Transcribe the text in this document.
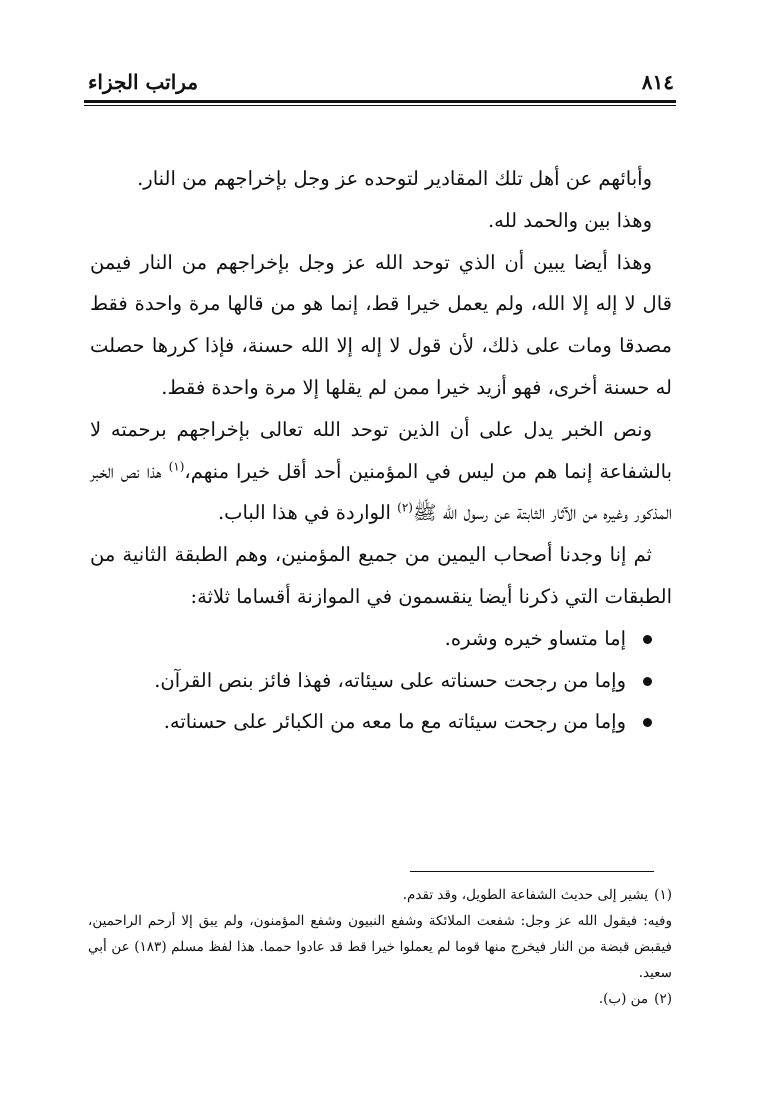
٨١٤
مراتب الجزاء

وأبائهم عن أهل تلك المقادير لتوحده عز وجل بإخراجهم من النار.

وهذا بين والحمد لله.

وهذا أيضا يبين أن الذي توحد الله عز وجل بإخراجهم من النار فيمن قال لا إله إلا الله، ولم يعمل خيرا قط، إنما هو من قالها مرة واحدة فقط مصدقا ومات على ذلك، لأن قول لا إله إلا الله حسنة، فإذا كررها حصلت له حسنة أخرى، فهو أزيد خيرا ممن لم يقلها إلا مرة واحدة فقط.

ونص الخبر يدل على أن الذين توحد الله تعالى بإخراجهم برحمته لا بالشفاعة إنما هم من ليس في المؤمنين أحد أقل خيرا منهم،$^{(١)}$ هذا نص الخبر المذكور وغيره من الآثار الثابتة عن رسول الله ﷺ$^{(٢)}$ الواردة في هذا الباب.

ثم إنا وجدنا أصحاب اليمين من جميع المؤمنين، وهم الطبقة الثانية من الطبقات التي ذكرنا أيضا ينقسمون في الموازنة أقساما ثلاثة:

إما متساو خيره وشره.
وإما من رجحت حسناته على سيئاته، فهذا فائز بنص القرآن.
وإما من رجحت سيئاته مع ما معه من الكبائر على حسناته.

(١)يشير إلى حديث الشفاعة الطويل، وقد تقدم.

وفيه: فيقول الله عز وجل: شفعت الملائكة وشفع النبيون وشفع المؤمنون، ولم يبق إلا أرحم الراحمين، فيقبض قبضة من النار فيخرج منها قوما لم يعملوا خيرا قط قد عادوا حمما. هذا لفظ مسلم (١٨٣) عن أبي سعيد.

(٢)من (ب).
